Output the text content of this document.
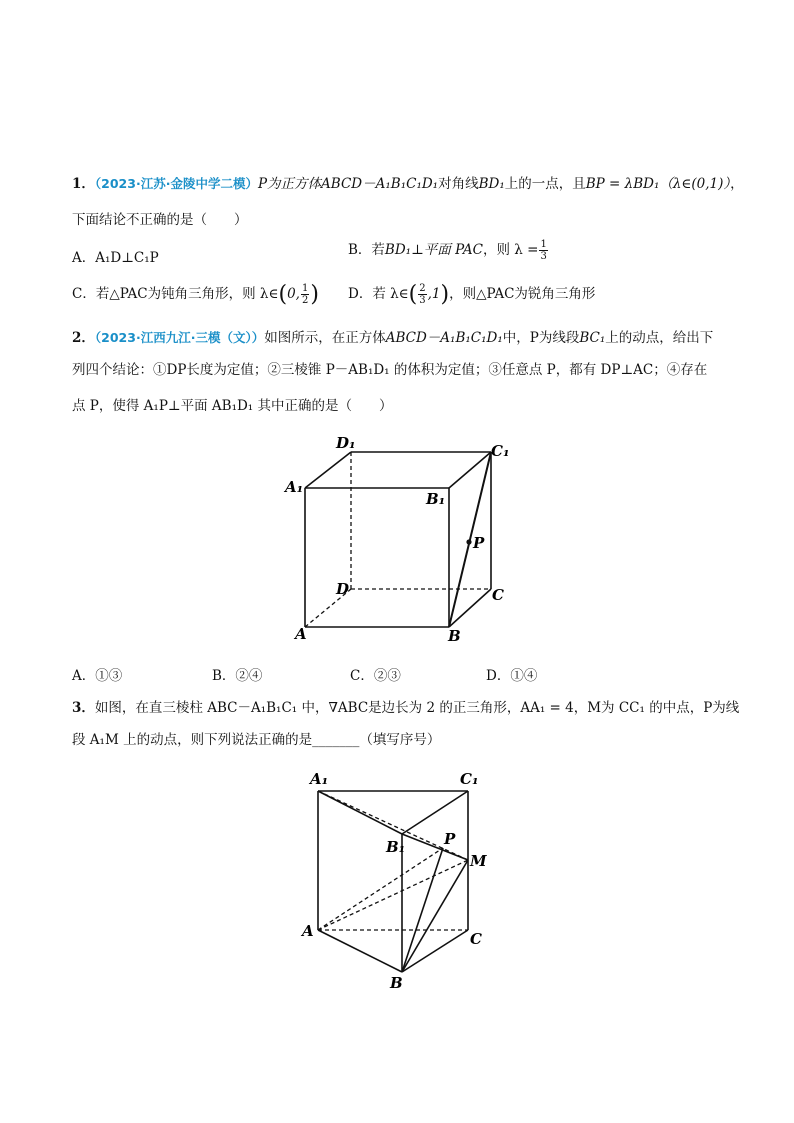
1．（2023·江苏·金陵中学二模）P为正方体ABCD－A₁B₁C₁D₁对角线BD₁上的一点，且BP = λBD₁（λ∈(0,1)），
下面结论不正确的是（　　）
A．A₁D⊥C₁P	B．若BD₁⊥平面 PAC，则 $\lambda = \frac{1}{3}$
C．若△PAC为钝角三角形，则 λ∈(0, $\frac{1}{2}$ ) D．若 λ∈( $\frac{2}{3} ,1$)，则△PAC为锐角三角形
2．（2023·江西九江·三模（文））如图所示，在正方体ABCD－A₁B₁C₁D₁中，P为线段BC₁上的动点，给出下
列四个结论：①DP长度为定值；②三棱锥 P－AB₁D₁ 的体积为定值；③任意点 P，都有 DP⊥AC；④存在
点 P，使得 A₁P⊥平面 AB₁D₁ 其中正确的是（　　）
D₁	C₁
A₁
B₁
P
D	C
A	B
A．①③	B．②④	C．②③	D．①④
3．如图，在直三棱柱 ABC－A₁B₁C₁ 中，∇ABC是边长为 2 的正三角形，AA₁ = 4，M为 CC₁ 的中点，P为线
段 A₁M 上的动点，则下列说法正确的是_______（填写序号）
A₁	C₁
B₁	P
M
A	C
B
